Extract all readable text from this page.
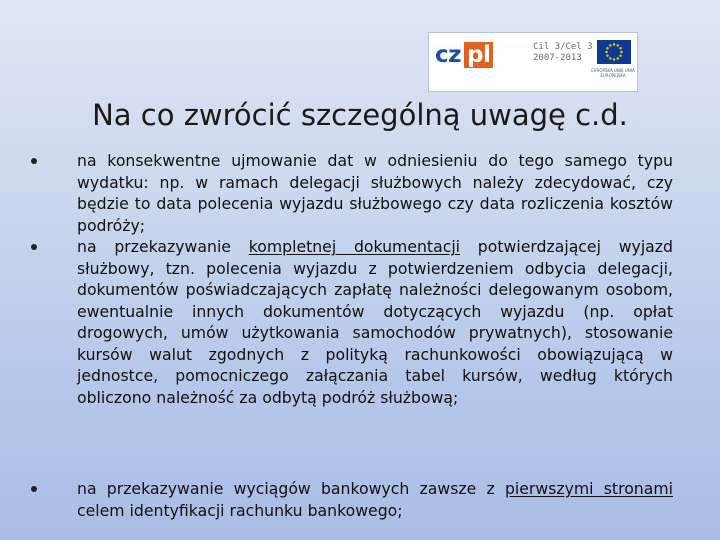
cz pl	Cil 3/Cel 3
2007-2013
EVROPSKÁ UNIE UNIA EUROPEJSKA
Na co zwrócić szczególną uwagę c.d.
na konsekwentne ujmowanie dat w odniesieniu do tego samego typu wydatku: np. w ramach delegacji służbowych należy zdecydować, czy będzie to data polecenia wyjazdu służbowego czy data rozliczenia kosztów podróży;
na przekazywanie kompletnej dokumentacji potwierdzającej wyjazd służbowy, tzn. polecenia wyjazdu z potwierdzeniem odbycia delegacji, dokumentów poświadczających zapłatę należności delegowanym osobom, ewentualnie innych dokumentów dotyczących wyjazdu (np. opłat drogowych, umów użytkowania samochodów prywatnych), stosowanie kursów walut zgodnych z polityką rachunkowości obowiązującą w jednostce, pomocniczego załączania tabel kursów, według których obliczono należność za odbytą podróż służbową;
na przekazywanie wyciągów bankowych zawsze z pierwszymi stronami celem identyfikacji rachunku bankowego;
